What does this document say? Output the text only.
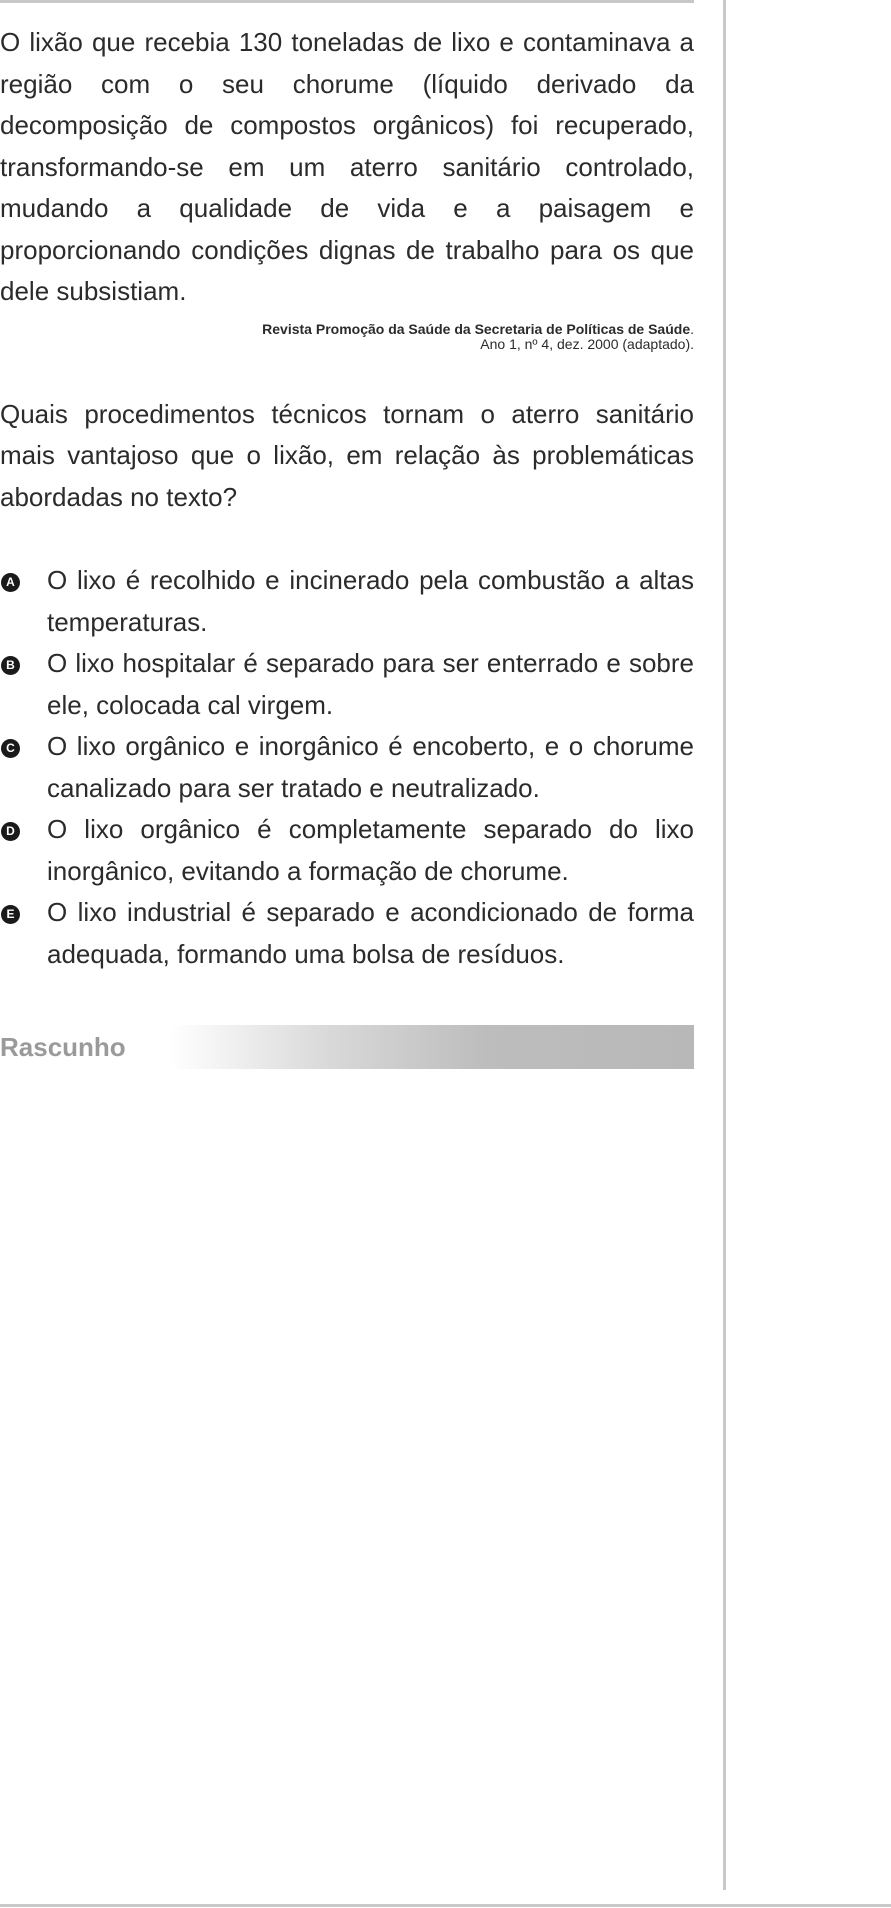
O lixão que recebia 130 toneladas de lixo e contaminava a região com o seu chorume (líquido derivado da decomposição de compostos orgânicos) foi recuperado, transformando-se em um aterro sanitário controlado, mudando a qualidade de vida e a paisagem e proporcionando condições dignas de trabalho para os que dele subsistiam.

Revista Promoção da Saúde da Secretaria de Políticas de Saúde.
Ano 1, nº 4, dez. 2000 (adaptado).

Quais procedimentos técnicos tornam o aterro sanitário mais vantajoso que o lixão, em relação às problemáticas abordadas no texto?

A O lixo é recolhido e incinerado pela combustão a altas temperaturas.
B O lixo hospitalar é separado para ser enterrado e sobre ele, colocada cal virgem.
C O lixo orgânico e inorgânico é encoberto, e o chorume canalizado para ser tratado e neutralizado.
D O lixo orgânico é completamente separado do lixo inorgânico, evitando a formação de chorume.
E O lixo industrial é separado e acondicionado de forma adequada, formando uma bolsa de resíduos.
Rascunho
